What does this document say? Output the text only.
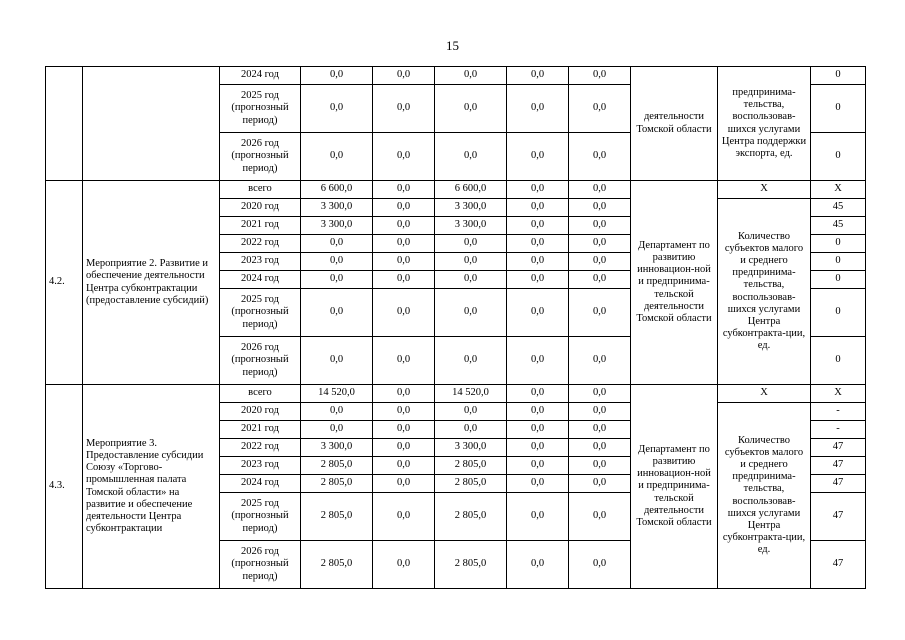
15
		2024 год	0,0	0,0	0,0	0,0	0,0	деятельности Томской области	предпринима-тельства, воспользовав-шихся услугами Центра поддержки экспорта, ед.	0
		2025 год (прогнозный период)	0,0	0,0	0,0	0,0	0,0			0
		2026 год (прогнозный период)	0,0	0,0	0,0	0,0	0,0			0
4.2.	Мероприятие 2. Развитие и обеспечение деятельности Центра субконтрактации (предоставление субсидий)	всего	6 600,0	0,0	6 600,0	0,0	0,0	Департамент по развитию инновацион-ной и предпринима-тельской деятельности Томской области	Х	Х
		2020 год	3 300,0	0,0	3 300,0	0,0	0,0		Количество субъектов малого и среднего предпринима-тельства, воспользовав-шихся услугами Центра субконтракта-ции, ед.	45
		2021 год	3 300,0	0,0	3 300,0	0,0	0,0			45
		2022 год	0,0	0,0	0,0	0,0	0,0			0
		2023 год	0,0	0,0	0,0	0,0	0,0			0
		2024 год	0,0	0,0	0,0	0,0	0,0			0
		2025 год (прогнозный период)	0,0	0,0	0,0	0,0	0,0			0
		2026 год (прогнозный период)	0,0	0,0	0,0	0,0	0,0			0
4.3.	Мероприятие 3. Предоставление субсидии Союзу «Торгово-промышленная палата Томской области» на развитие и обеспечение деятельности Центра субконтрактации	всего	14 520,0	0,0	14 520,0	0,0	0,0	Департамент по развитию инновацион-ной и предпринима-тельской деятельности Томской области	Х	Х
		2020 год	0,0	0,0	0,0	0,0	0,0		Количество субъектов малого и среднего предпринима-тельства, воспользовав-шихся услугами Центра субконтракта-ции, ед.	-
		2021 год	0,0	0,0	0,0	0,0	0,0			-
		2022 год	3 300,0	0,0	3 300,0	0,0	0,0			47
		2023 год	2 805,0	0,0	2 805,0	0,0	0,0			47
		2024 год	2 805,0	0,0	2 805,0	0,0	0,0			47
		2025 год (прогнозный период)	2 805,0	0,0	2 805,0	0,0	0,0			47
		2026 год (прогнозный период)	2 805,0	0,0	2 805,0	0,0	0,0			47
